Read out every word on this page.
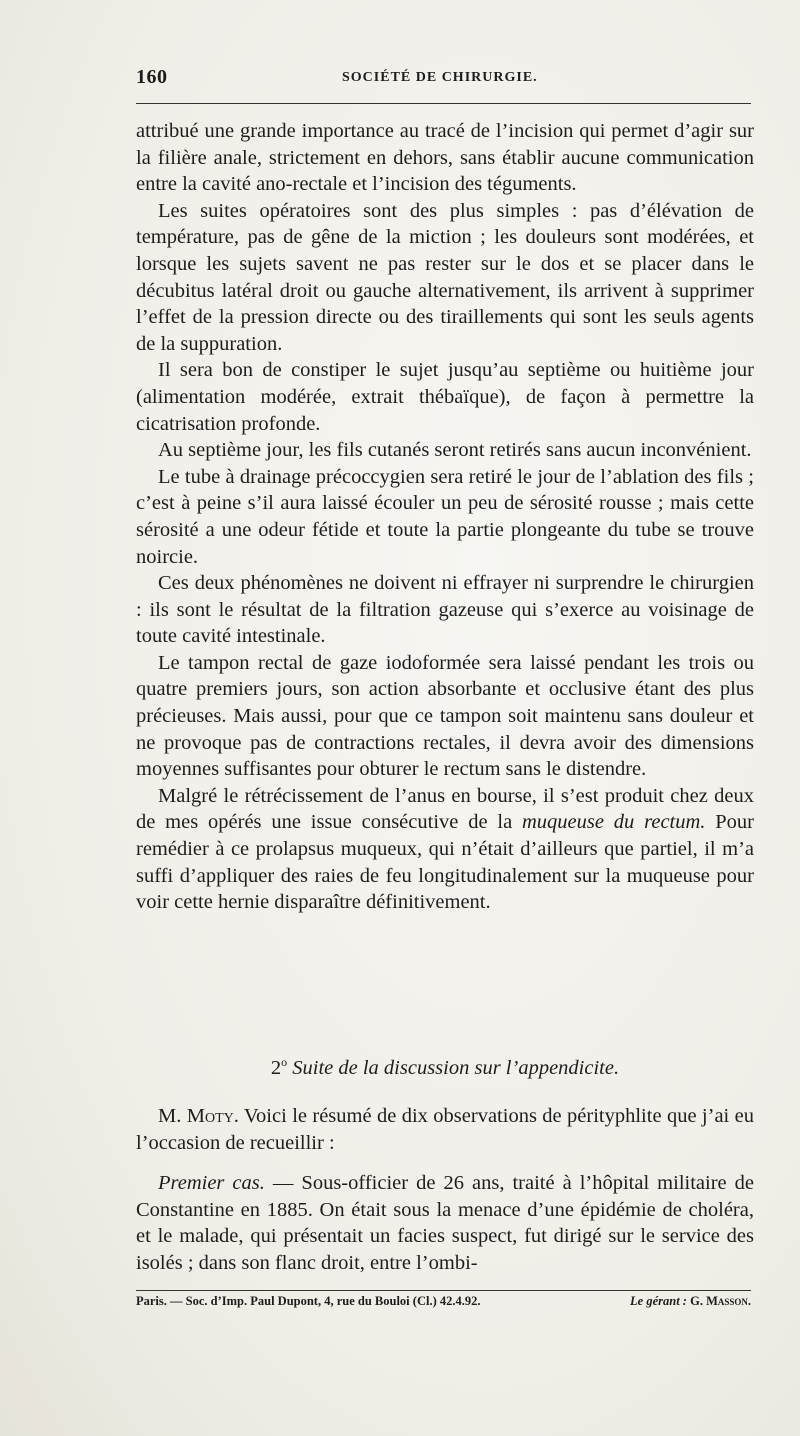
160	SOCIÉTÉ DE CHIRURGIE.

attribué une grande importance au tracé de l’incision qui permet d’agir sur la filière anale, strictement en dehors, sans établir aucune communication entre la cavité ano-rectale et l’incision des téguments.

Les suites opératoires sont des plus simples : pas d’élévation de température, pas de gêne de la miction ; les douleurs sont modérées, et lorsque les sujets savent ne pas rester sur le dos et se placer dans le décubitus latéral droit ou gauche alternativement, ils arrivent à supprimer l’effet de la pression directe ou des tiraillements qui sont les seuls agents de la suppuration.

Il sera bon de constiper le sujet jusqu’au septième ou huitième jour (alimentation modérée, extrait thébaïque), de façon à permettre la cicatrisation profonde.

Au septième jour, les fils cutanés seront retirés sans aucun inconvénient.

Le tube à drainage précoccygien sera retiré le jour de l’ablation des fils ; c’est à peine s’il aura laissé écouler un peu de sérosité rousse ; mais cette sérosité a une odeur fétide et toute la partie plongeante du tube se trouve noircie.

Ces deux phénomènes ne doivent ni effrayer ni surprendre le chirurgien : ils sont le résultat de la filtration gazeuse qui s’exerce au voisinage de toute cavité intestinale.

Le tampon rectal de gaze iodoformée sera laissé pendant les trois ou quatre premiers jours, son action absorbante et occlusive étant des plus précieuses. Mais aussi, pour que ce tampon soit maintenu sans douleur et ne provoque pas de contractions rectales, il devra avoir des dimensions moyennes suffisantes pour obturer le rectum sans le distendre.

Malgré le rétrécissement de l’anus en bourse, il s’est produit chez deux de mes opérés une issue consécutive de la muqueuse du rectum. Pour remédier à ce prolapsus muqueux, qui n’était d’ailleurs que partiel, il m’a suffi d’appliquer des raies de feu longitudinalement sur la muqueuse pour voir cette hernie disparaître définitivement.

2$^o$ Suite de la discussion sur l’appendicite.

M. Moty. Voici le résumé de dix observations de pérityphlite que j’ai eu l’occasion de recueillir :

Premier cas. — Sous-officier de 26 ans, traité à l’hôpital militaire de Constantine en 1885. On était sous la menace d’une épidémie de choléra, et le malade, qui présentait un facies suspect, fut dirigé sur le service des isolés ; dans son flanc droit, entre l’ombi-

Paris. — Soc. d’Imp. Paul Dupont, 4, rue du Bouloi (Cl.) 42.4.92.	Le gérant : G. Masson.
